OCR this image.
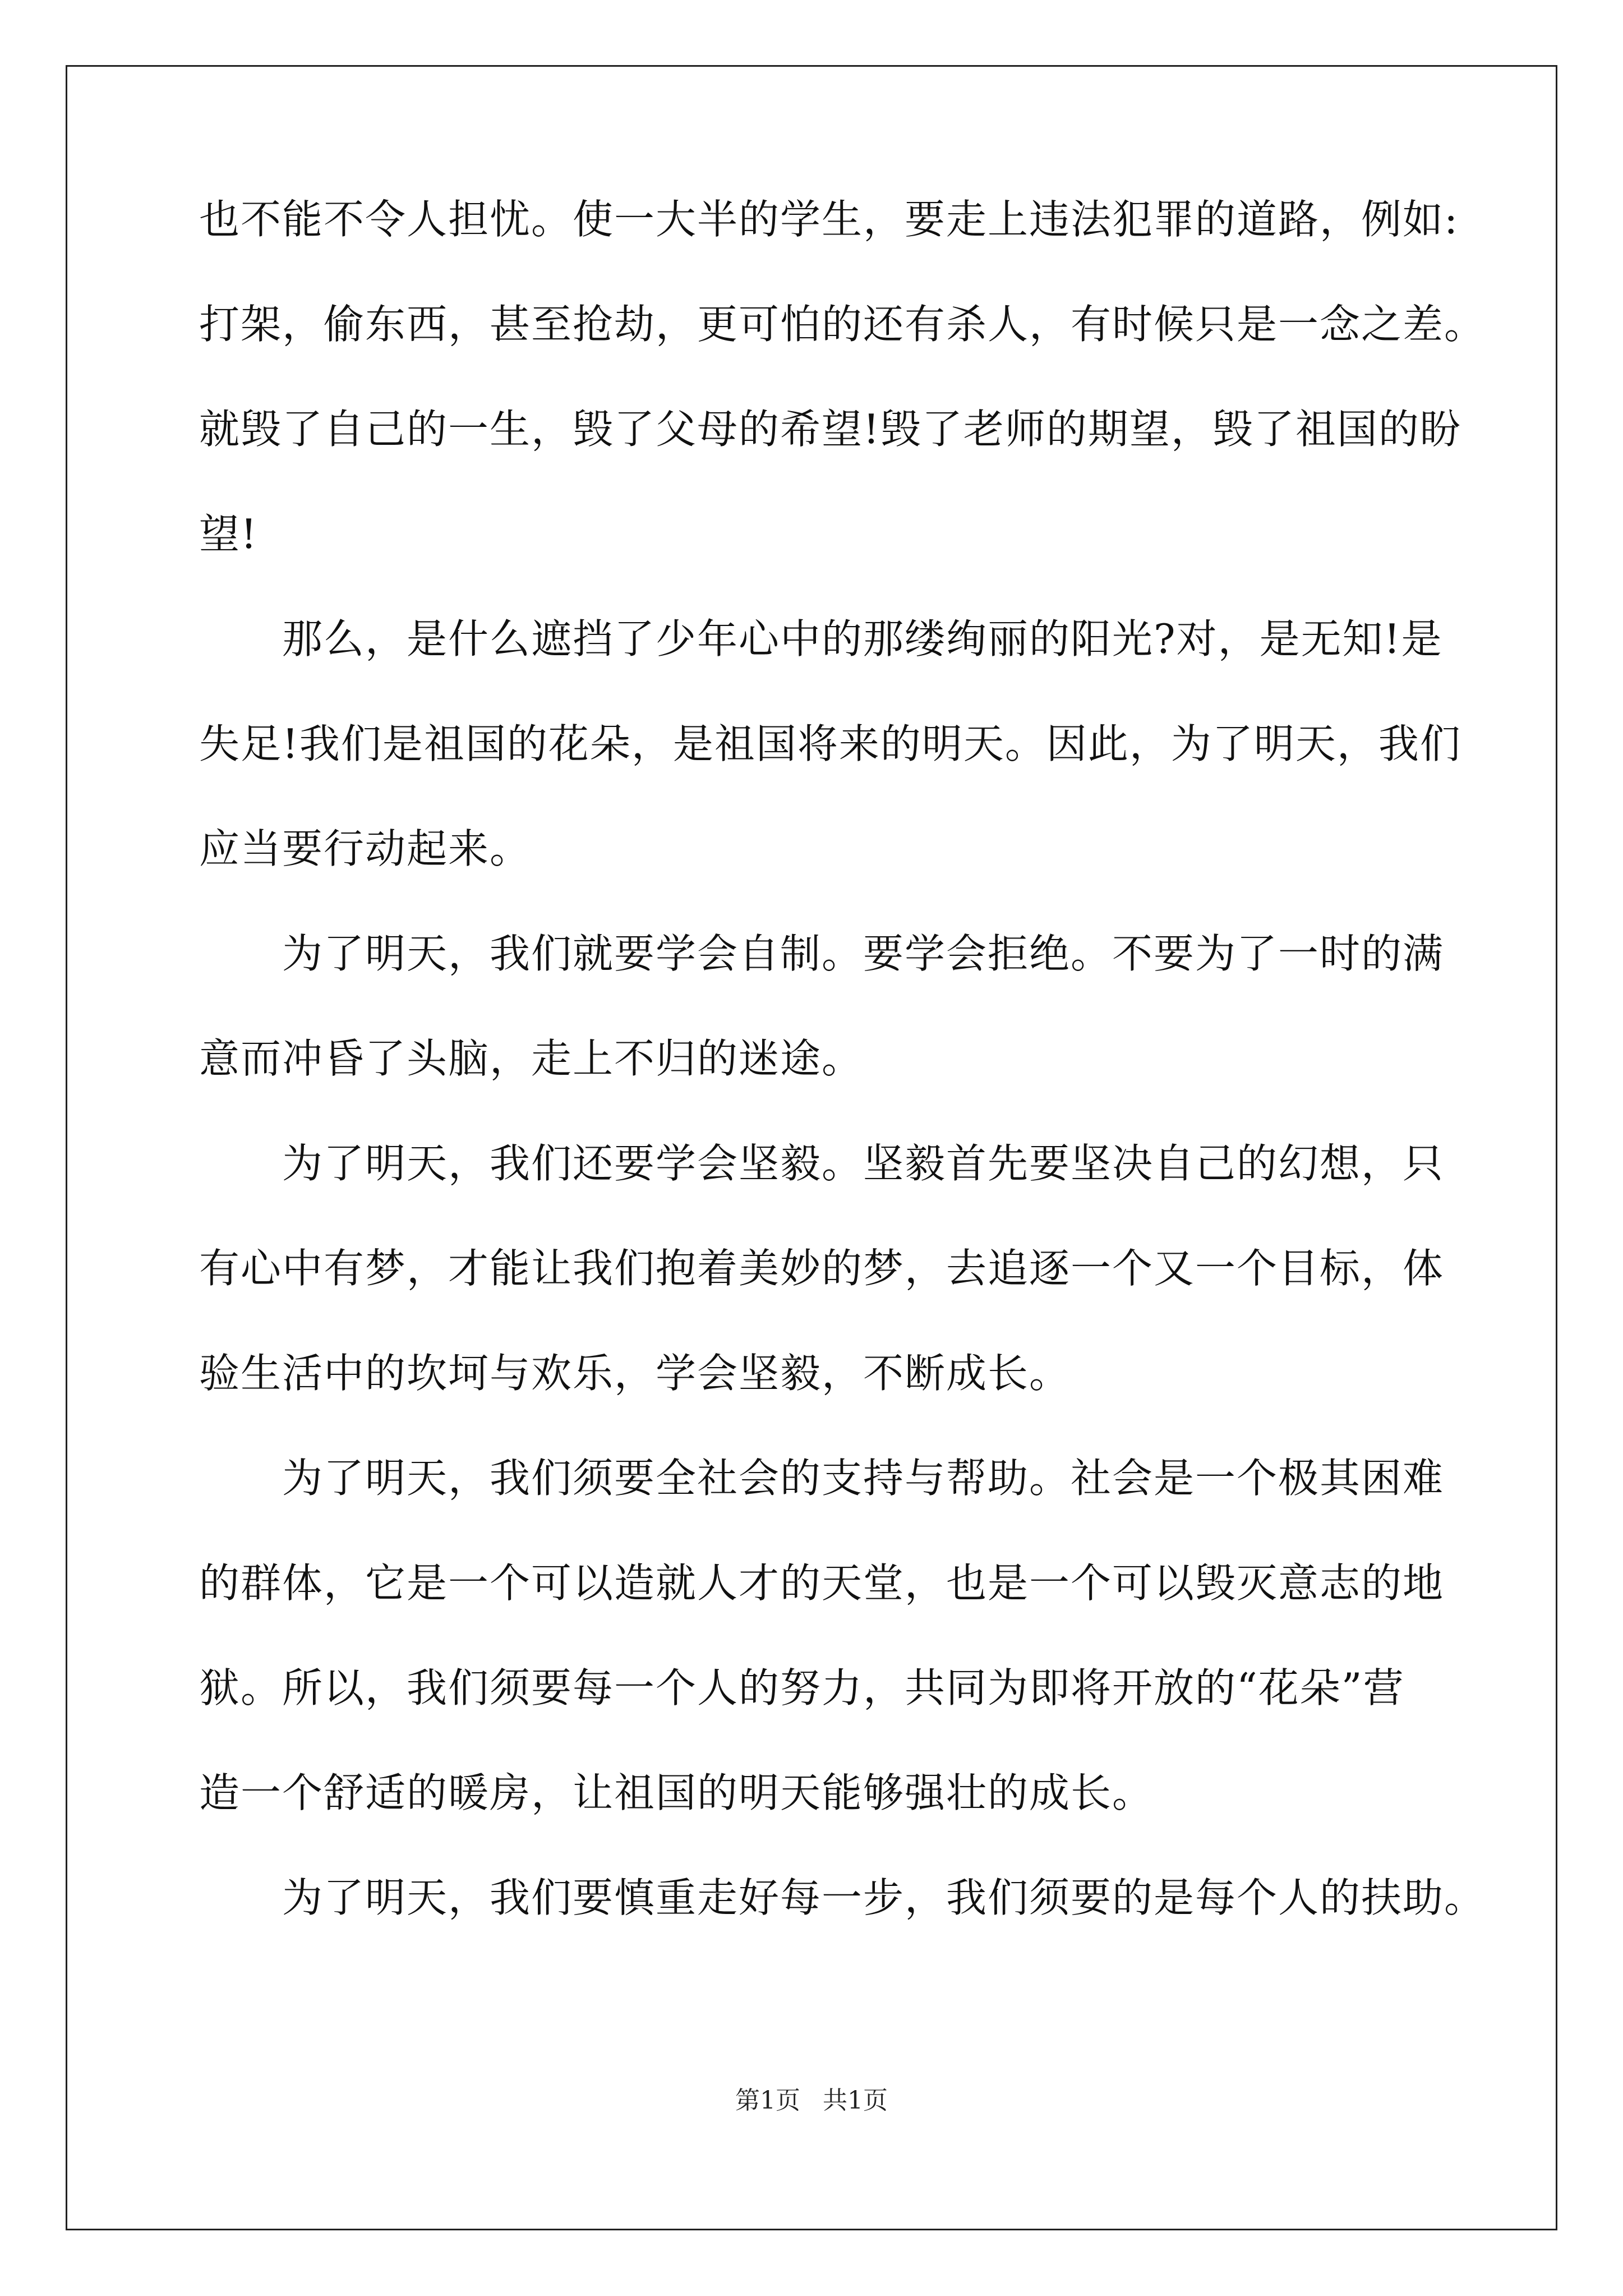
也不能不令人担忧。使一大半的学生，要走上违法犯罪的道路，例如:
打架，偷东西，甚至抢劫，更可怕的还有杀人，有时候只是一念之差。
就毁了自己的一生，毁了父母的希望!毁了老师的期望，毁了祖国的盼
望!
　　那么，是什么遮挡了少年心中的那缕绚丽的阳光?对，是无知!是
失足!我们是祖国的花朵，是祖国将来的明天。因此，为了明天，我们
应当要行动起来。
　　为了明天，我们就要学会自制。要学会拒绝。不要为了一时的满
意而冲昏了头脑，走上不归的迷途。
　　为了明天，我们还要学会坚毅。坚毅首先要坚决自己的幻想，只
有心中有梦，才能让我们抱着美妙的梦，去追逐一个又一个目标，体
验生活中的坎坷与欢乐，学会坚毅，不断成长。
　　为了明天，我们须要全社会的支持与帮助。社会是一个极其困难
的群体，它是一个可以造就人才的天堂，也是一个可以毁灭意志的地
狱。所以，我们须要每一个人的努力，共同为即将开放的“花朵”营
造一个舒适的暖房，让祖国的明天能够强壮的成长。
　　为了明天，我们要慎重走好每一步，我们须要的是每个人的扶助。
第1页 共1页
